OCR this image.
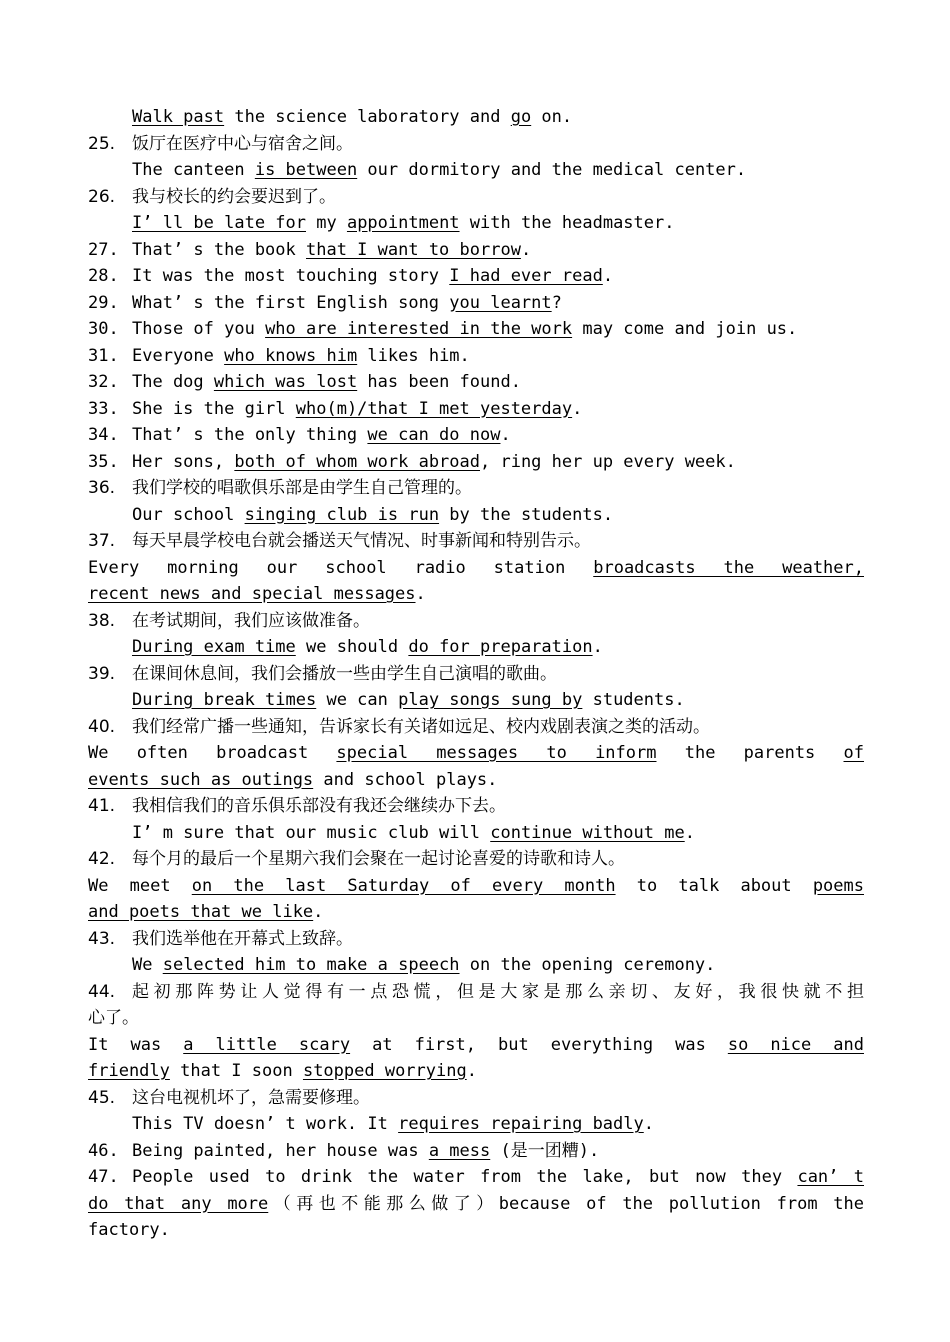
Walk past the science laboratory and go on.
25. 饭厅在医疗中心与宿舍之间。
The canteen is between our dormitory and the medical center.
26. 我与校长的约会要迟到了。
I’ ll be late for my appointment with the headmaster.
27. That’ s the book that I want to borrow.
28. It was the most touching story I had ever read.
29. What’ s the first English song you learnt?
30. Those of you who are interested in the work may come and join us.
31. Everyone who knows him likes him.
32. The dog which was lost has been found.
33. She is the girl who(m)/that I met yesterday.
34. That’ s the only thing we can do now.
35. Her sons, both of whom work abroad, ring her up every week.
36. 我们学校的唱歌俱乐部是由学生自己管理的。
Our school singing club is run by the students.
37. 每天早晨学校电台就会播送天气情况、时事新闻和特别告示。
Every morning our school radio station broadcasts the weather,
recent news and special messages.
38. 在考试期间，我们应该做准备。
During exam time we should do for preparation.
39. 在课间休息间，我们会播放一些由学生自己演唱的歌曲。
During break times we can play songs sung by students.
40. 我们经常广播一些通知，告诉家长有关诸如远足、校内戏剧表演之类的活动。
We often broadcast special messages to inform the parents of
events such as outings and school plays.
41. 我相信我们的音乐俱乐部没有我还会继续办下去。
I’ m sure that our music club will continue without me.
42. 每个月的最后一个星期六我们会聚在一起讨论喜爱的诗歌和诗人。
We meet on the last Saturday of every month to talk about poems
and poets that we like.
43. 我们选举他在开幕式上致辞。
We selected him to make a speech on the opening ceremony.
44. 起初那阵势让人觉得有一点恐慌，但是大家是那么亲切、友好，我很快就不担
心了。
It was a little scary at first, but everything was so nice and
friendly that I soon stopped worrying.
45. 这台电视机坏了，急需要修理。
This TV doesn’ t work. It requires repairing badly.
46. Being painted, her house was a mess (是一团糟).
47. People used to drink the water from the lake, but now they can’ t
do that any more（再也不能那么做了）because of the pollution from the
factory.
